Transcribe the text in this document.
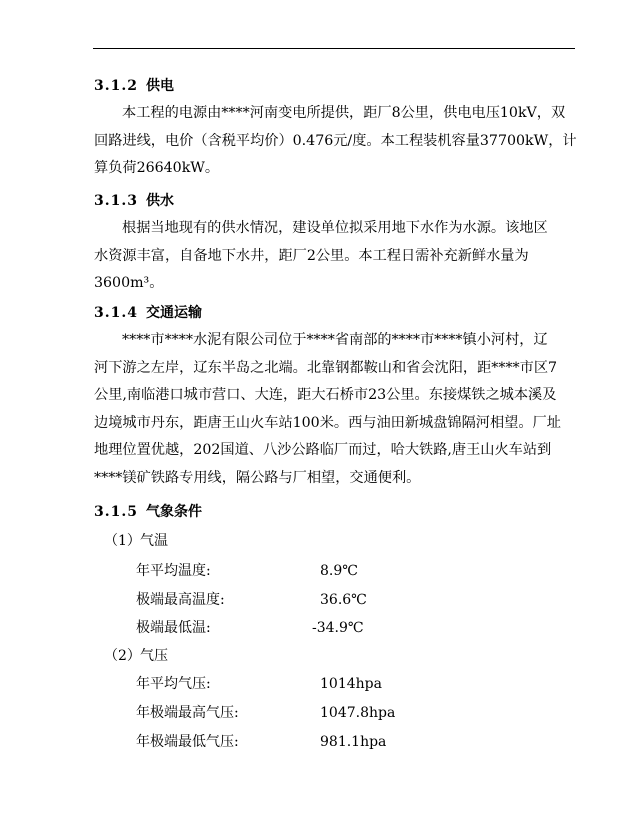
3.1.2 供电
本工程的电源由****河南变电所提供，距厂8公里，供电电压10kV，双
回路进线，电价（含税平均价）0.476元/度。本工程装机容量37700kW，计
算负荷26640kW。
3.1.3 供水
根据当地现有的供水情况，建设单位拟采用地下水作为水源。该地区
水资源丰富，自备地下水井，距厂2公里。本工程日需补充新鲜水量为
3600m³。
3.1.4 交通运输
****市****水泥有限公司位于****省南部的****市****镇小河村，辽
河下游之左岸，辽东半岛之北端。北靠钢都鞍山和省会沈阳，距****市区7
公里,南临港口城市营口、大连，距大石桥市23公里。东接煤铁之城本溪及
边境城市丹东，距唐王山火车站100米。西与油田新城盘锦隔河相望。厂址
地理位置优越，202国道、八沙公路临厂而过，哈大铁路,唐王山火车站到
****镁矿铁路专用线，隔公路与厂相望，交通便利。
3.1.5 气象条件
（1）气温
年平均温度:	8.9℃
极端最高温度:	36.6℃
极端最低温:	-34.9℃
（2）气压
年平均气压:	1014hpa
年极端最高气压:	1047.8hpa
年极端最低气压:	981.1hpa
